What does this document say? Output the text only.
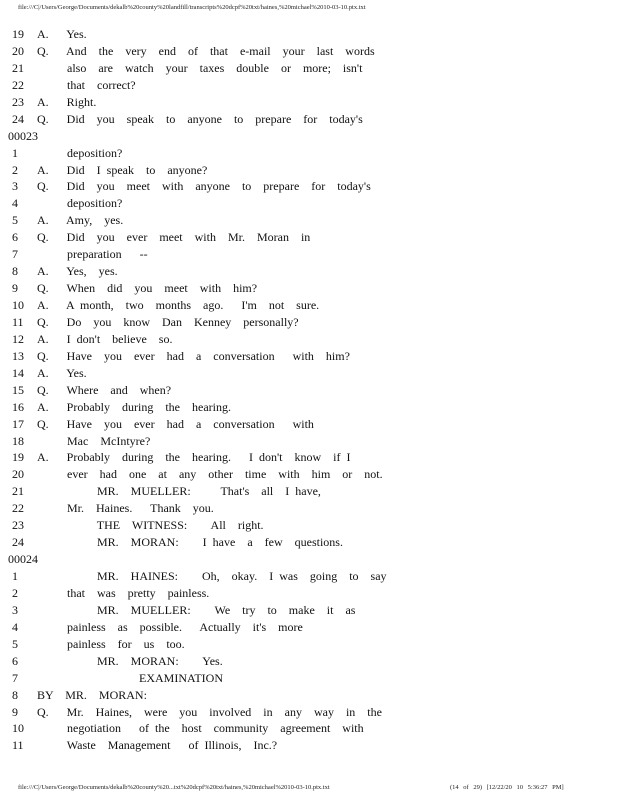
file:///C|/Users/George/Documents/dekalb%20county%20landfill/transcripts%20dcpf%20txt/haines,%20michael%2010-03-10.ptx.txt
19	A.   Yes.
20	Q.   And  the  very  end  of  that  e-mail  your  last  words
21	also  are  watch  your  taxes  double  or  more;  isn't
22	that  correct?
23	A.   Right.
24	Q.   Did  you  speak  to  anyone  to  prepare  for  today's
00023
1	deposition?
2	A.   Did  I speak  to  anyone?
3	Q.   Did  you  meet  with  anyone  to  prepare  for  today's
4	deposition?
5	A.   Amy,  yes.
6	Q.   Did  you  ever  meet  with  Mr.  Moran  in
7	preparation   --
8	A.   Yes,  yes.
9	Q.   When  did  you  meet  with  him?
10	A.   A month,  two  months  ago.   I'm  not  sure.
11	Q.   Do  you  know  Dan  Kenney  personally?
12	A.   I don't  believe  so.
13	Q.   Have  you  ever  had  a  conversation   with  him?
14	A.   Yes.
15	Q.   Where  and  when?
16	A.   Probably  during  the  hearing.
17	Q.   Have  you  ever  had  a  conversation   with
18	Mac  McIntyre?
19	A.   Probably  during  the  hearing.   I don't  know  if I
20	ever  had  one  at  any  other  time  with  him  or  not.
21	MR.  MUELLER:     That's  all  I have,
22	Mr.  Haines.   Thank  you.
23	THE  WITNESS:    All  right.
24	MR.  MORAN:    I have  a  few  questions.
00024
1	MR.  HAINES:    Oh,  okay.  I was  going  to  say
2	that  was  pretty  painless.
3	MR.  MUELLER:    We  try  to  make  it  as
4	painless  as  possible.   Actually  it's  more
5	painless  for  us  too.
6	MR.  MORAN:    Yes.
7	EXAMINATION
8	BY  MR.  MORAN:
9	Q.   Mr.  Haines,  were  you  involved  in  any  way  in  the
10	negotiation   of the  host  community  agreement  with
11	Waste  Management   of Illinois,  Inc.?
file:///C|/Users/George/Documents/dekalb%20county%20...txt%20dcpf%20txt/haines,%20michael%2010-03-10.ptx.txt	(14 of 29) [12/22/20 10 5:36:27 PM]
